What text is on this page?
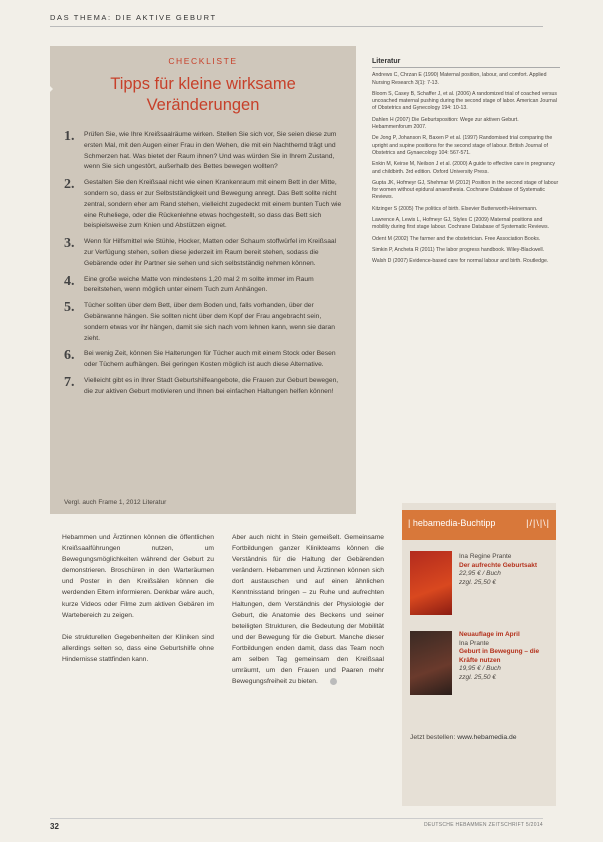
DAS THEMA: DIE AKTIVE GEBURT
CHECKLISTE
Tipps für kleine wirksame Veränderungen
1.	Prüfen Sie, wie Ihre Kreißsaalräume wirken. Stellen Sie sich vor, Sie seien diese zum ersten Mal, mit den Augen einer Frau in den Wehen, die mit ein Nachthemd trägt und Schmerzen hat. Was bietet der Raum ihnen? Und was würden Sie in Ihrem Zustand, wenn Sie sich ungestört, außerhalb des Bettes bewegen wollten?
2.	Gestalten Sie den Kreißsaal nicht wie einen Krankenraum mit einem Bett in der Mitte, sondern so, dass er zur Selbstständigkeit und Bewegung anregt. Das Bett sollte nicht zentral, sondern eher am Rand stehen, vielleicht zugedeckt mit einem bunten Tuch wie eine Ruheliege, oder die Rückenlehne etwas hochgestellt, so dass das Bett sich beispielsweise zum Knien und Abstützen eignet.
3.	Wenn für Hilfsmittel wie Stühle, Hocker, Matten oder Schaum stoffwürfel im Kreißsaal zur Verfügung stehen, sollen diese jederzeit im Raum bereit stehen, sodass die Gebärende oder ihr Partner sie sehen und sich selbstständig nehmen können.
4.	Eine große weiche Matte von mindestens 1,20 mal 2 m sollte immer im Raum bereitstehen, wenn möglich unter einem Tuch zum Anhängen.
5.	Tücher sollten über dem Bett, über dem Boden und, falls vorhanden, über der Gebärwanne hängen. Sie sollten nicht über dem Kopf der Frau angebracht sein, sondern etwas vor ihr hängen, damit sie sich nach vorn lehnen kann, wenn sie daran zieht.
6.	Bei wenig Zeit, können Sie Halterungen für Tücher auch mit einem Stock oder Besen oder Tüchern aufhängen. Bei geringen Kosten möglich ist auch diese Alternative.
7.	Vielleicht gibt es in Ihrer Stadt Geburtshilfeangebote, die Frauen zur Geburt bewegen, die zur aktiven Geburt motivieren und Ihnen bei einfachen Haltungen helfen können!
Vergl. auch Frame 1, 2012 Literatur
Literatur
Andrews C, Chrzan E (1990) Maternal position, labour, and comfort. Applied Nursing Research 3(1): 7-13.
Bloom S, Casey B, Schaffer J, et al. (2006) A randomized trial of coached versus uncoached maternal pushing during the second stage of labor. American Journal of Obstetrics and Gynecology 194: 10-13.
Dahlen H (2007) Die Geburtsposition: Wege zur aktiven Geburt. Hebammenforum 2007.
De Jong P, Johanson R, Baxen P et al. (1997) Randomised trial comparing the upright and supine positions for the second stage of labour. British Journal of Obstetrics and Gynaecology 104: 567-571.
Enkin M, Keirse M, Neilson J et al. (2000) A guide to effective care in pregnancy and childbirth. 3rd edition. Oxford University Press.
Gupta JK, Hofmeyr GJ, Shehmar M (2012) Position in the second stage of labour for women without epidural anaesthesia. Cochrane Database of Systematic Reviews.
Kitzinger S (2005) The politics of birth. Elsevier Butterworth-Heinemann.
Lawrence A, Lewis L, Hofmeyr GJ, Styles C (2009) Maternal positions and mobility during first stage labour. Cochrane Database of Systematic Reviews.
Odent M (2002) The farmer and the obstetrician. Free Association Books.
Simkin P, Ancheta R (2011) The labor progress handbook. Wiley-Blackwell.
Walsh D (2007) Evidence-based care for normal labour and birth. Routledge.

Hebammen und Ärztinnen können die öffentlichen Kreißsaalführungen nutzen, um Bewegungsmöglichkeiten während der Geburt zu demonstrieren. Broschüren in den Warteräumen und Poster in den Kreißsälen können die werdenden Eltern informieren. Denkbar wäre auch, kurze Videos oder Filme zum aktiven Gebären im Wartebereich zu zeigen.

Die strukturellen Gegebenheiten der Kliniken sind allerdings selten so, dass eine Geburtshilfe ohne Hindernisse stattfinden kann.

Aber auch nicht in Stein gemeißelt. Gemeinsame Fortbildungen ganzer Klinikteams können die Verständnis für die Haltung der Gebärenden verändern. Hebammen und Ärztinnen können sich dort austauschen und auf einen ähnlichen Kenntnisstand bringen – zu Ruhe und aufrechten Haltungen, dem Verständnis der Physiologie der Geburt, die Anatomie des Beckens und seiner beteiligten Strukturen, die Bedeutung der Mobilität und der Bewegung für die Geburt. Manche dieser Fortbildungen enden damit, dass das Team noch am selben Tag gemeinsam den Kreißsaal umräumt, um den Frauen und Paaren mehr Bewegungsfreiheit zu bieten.

| hebamedia-Buchtipp	|/|\|\|
Ina Regine Prante
Der aufrechte Geburtsakt
22,95 € / Buch
zzgl. 25,50 €
Neuauflage im April
Ina Prante
Geburt in Bewegung – die Kräfte nutzen
19,95 € / Buch
zzgl. 25,50 €
Jetzt bestellen: www.hebamedia.de
32	DEUTSCHE HEBAMMEN ZEITSCHRIFT 5/2014
